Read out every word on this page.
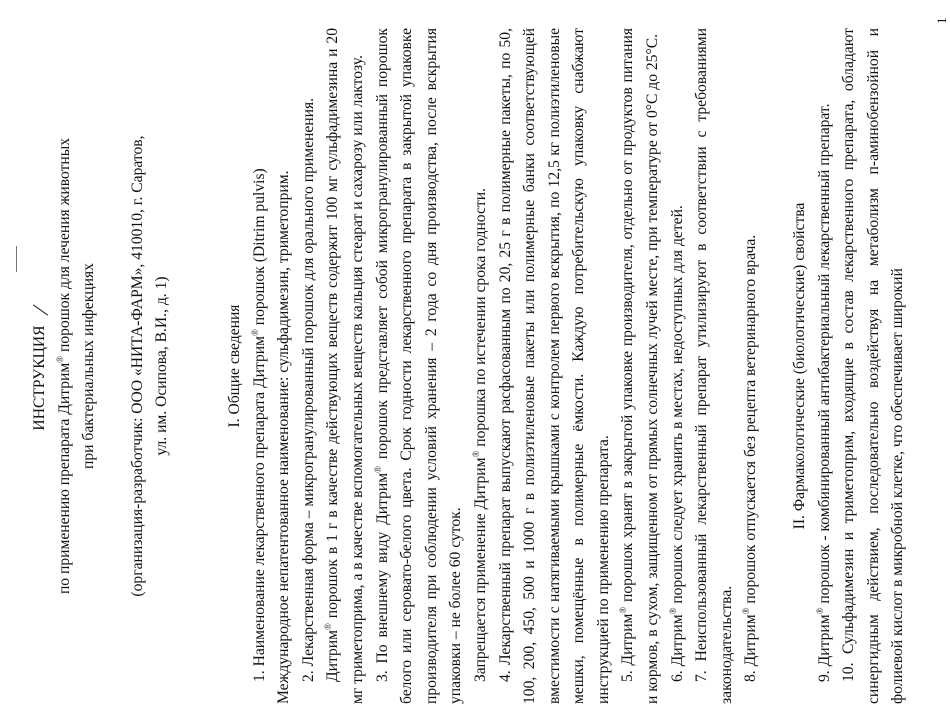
ИНСТРУКЦИЯ по применению препарата Дитрим® порошок для лечения животных

при бактериальных инфекциях (организация-разработчик: ООО «НИТА-ФАРМ», 410010, г. Саратов, ул. им. Осипова, В.И., д. 1)	I. Общие сведения 1. Наименование лекарственного препарата Дитрим® порошок (Ditrim pulvis) Международное непатентованное наименование: сульфадимезин, триметоприм. 2. Лекарственная форма – микрогранулированный порошок для орального применения. Дитрим® порошок в 1 г в качестве действующих веществ содержит 100 мг сульфадимезина и 20 мг триметоприма, а в качестве вспомогательных веществ кальция стеарат и сахарозу или лактозу. 3. По внешнему виду Дитрим® порошок представляет собой микрогранулированный порошок белого или серовато-белого цвета. Срок годности лекарственного препарата в закрытой упаковке производителя при соблюдении условий хранения – 2 года со дня производства, после вскрытия упаковки – не более 60 суток. Запрещается применение Дитрим® порошка по истечении срока годности. 4. Лекарственный препарат выпускают расфасованным по 20, 25 г в полимерные пакеты, по 50, 100, 200, 450, 500 и 1000 г в полиэтиленовые пакеты или полимерные банки соответствующей вместимости с натягиваемыми крышками с контролем первого вскрытия, по 12,5 кг полиэтиленовые мешки, помещённые в полимерные ёмкости. Каждую потребительскую упаковку снабжают инструкцией по применению препарата. 5. Дитрим® порошок хранят в закрытой упаковке производителя, отдельно от продуктов питания и кормов, в сухом, защищенном от прямых солнечных лучей месте, при температуре от 0°С до 25°С. 6. Дитрим® порошок следует хранить в местах, недоступных для детей. 7. Неиспользованный лекарственный препарат утилизируют в соответствии с требованиями законодательства. 8. Дитрим® порошок отпускается без рецепта ветеринарного врача. II. Фармакологические (биологические) свойства

9. Дитрим® порошок - комбинированный антибактериальный лекарственный препарат. 10. Сульфадимезин и триметоприм, входящие в состав лекарственного препарата, обладают синергидным действием, последовательно воздействуя на метаболизм п-аминобензойной и фолиевой кислот в микробной клетке, что обеспечивает широкий

1
